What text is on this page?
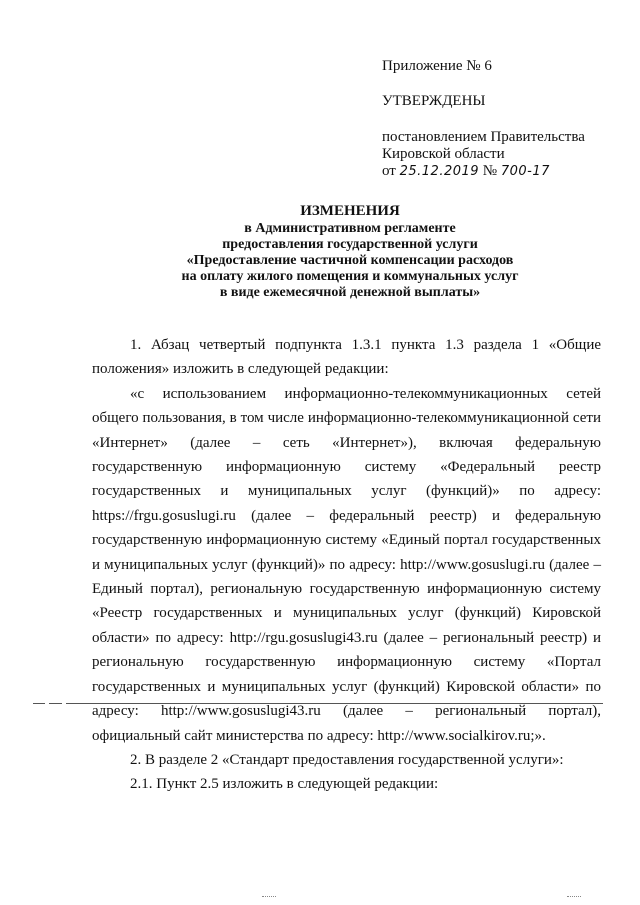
Приложение № 6

УТВЕРЖДЕНЫ

постановлением Правительства

Кировской области

от 25.12.2019 № 700-17

ИЗМЕНЕНИЯ

в Административном регламенте

предоставления государственной услуги

«Предоставление частичной компенсации расходов

на оплату жилого помещения и коммунальных услуг

в виде ежемесячной денежной выплаты»

1. Абзац четвертый подпункта 1.3.1 пункта 1.3 раздела 1 «Общие положения» изложить в следующей редакции:

«с использованием информационно-телекоммуникационных сетей общего пользования, в том числе информационно-телекоммуникационной сети «Интернет» (далее – сеть «Интернет»), включая федеральную государственную информационную систему «Федеральный реестр государственных и муниципальных услуг (функций)» по адресу: https://frgu.gosuslugi.ru (далее – федеральный реестр) и федеральную государственную информационную систему «Единый портал государственных и муниципальных услуг (функций)» по адресу: http://www.gosuslugi.ru (далее – Единый портал), региональную государственную информационную систему «Реестр государственных и муниципальных услуг (функций) Кировской области» по адресу: http://rgu.gosuslugi43.ru (далее – региональный реестр) и региональную государственную информационную систему «Портал государственных и муниципальных услуг (функций) Кировской области» по адресу: http://www.gosuslugi43.ru (далее – региональный портал), официальный сайт министерства по адресу: http://www.socialkirov.ru;».

2. В разделе 2 «Стандарт предоставления государственной услуги»:

2.1. Пункт 2.5 изложить в следующей редакции:
